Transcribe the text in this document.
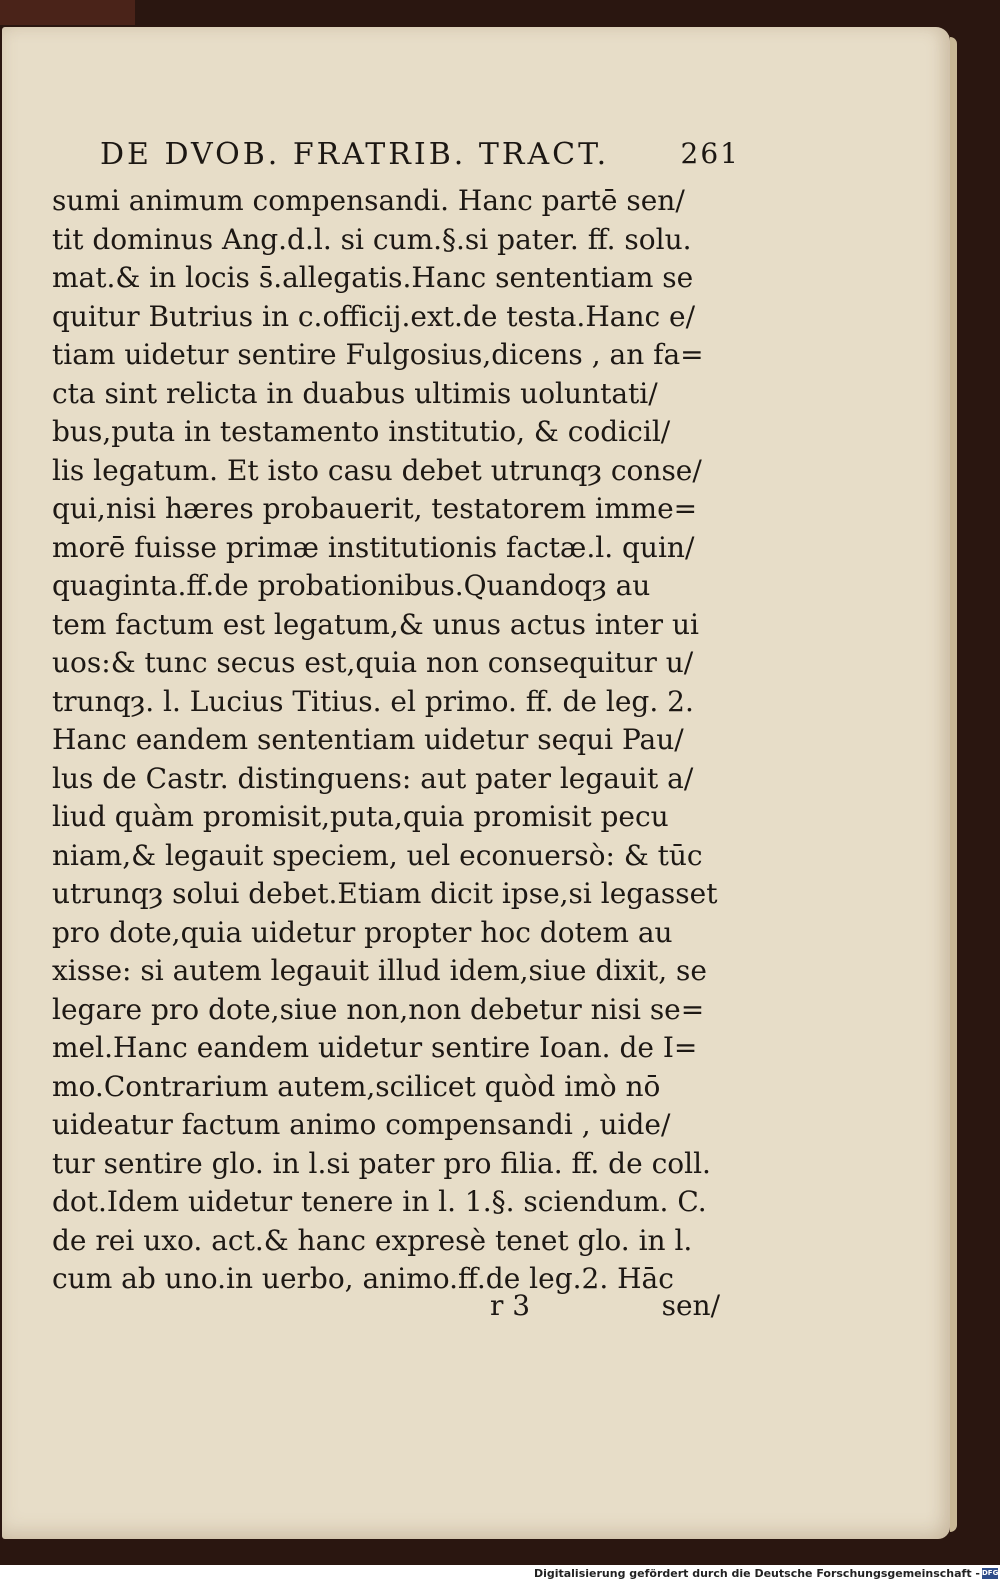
DE DVOB. FRATRIB. TRACT.	261
sumi animum compensandi. Hanc partē sen/
tit dominus Ang.d.l. si cum.§.si pater. ff. solu.
mat.& in locis s̄.allegatis.Hanc sententiam se
quitur Butrius in c.officij.ext.de testa.Hanc e/
tiam uidetur sentire Fulgosius,dicens , an fa=
cta sint relicta in duabus ultimis uoluntati/
bus,puta in testamento institutio, & codicil/
lis legatum. Et isto casu debet utrunqȝ conse/
qui,nisi hæres probauerit, testatorem imme=
morē fuisse primæ institutionis factæ.l. quin/
quaginta.ff.de probationibus.Quandoqȝ au
tem factum est legatum,& unus actus inter ui
uos:& tunc secus est,quia non consequitur u/
trunqȝ. l. Lucius Titius. el primo. ff. de leg. 2.
Hanc eandem sententiam uidetur sequi Pau/
lus de Castr. distinguens: aut pater legauit a/
liud quàm promisit,puta,quia promisit pecu
niam,& legauit speciem, uel econuersò: & tūc
utrunqȝ solui debet.Etiam dicit ipse,si legasset
pro dote,quia uidetur propter hoc dotem au
xisse: si autem legauit illud idem,siue dixit, se
legare pro dote,siue non,non debetur nisi se=
mel.Hanc eandem uidetur sentire Ioan. de I=
mo.Contrarium autem,scilicet quòd imò nō
uideatur factum animo compensandi , uide/
tur sentire glo. in l.si pater pro filia. ff. de coll.
dot.Idem uidetur tenere in l. 1.§. sciendum. C.
de rei uxo. act.& hanc expresè tenet glo. in l.
cum ab uno.in uerbo, animo.ff.de leg.2. Hāc
r 3	sen/
Digitalisierung gefördert durch die Deutsche Forschungsgemeinschaft - DFG
